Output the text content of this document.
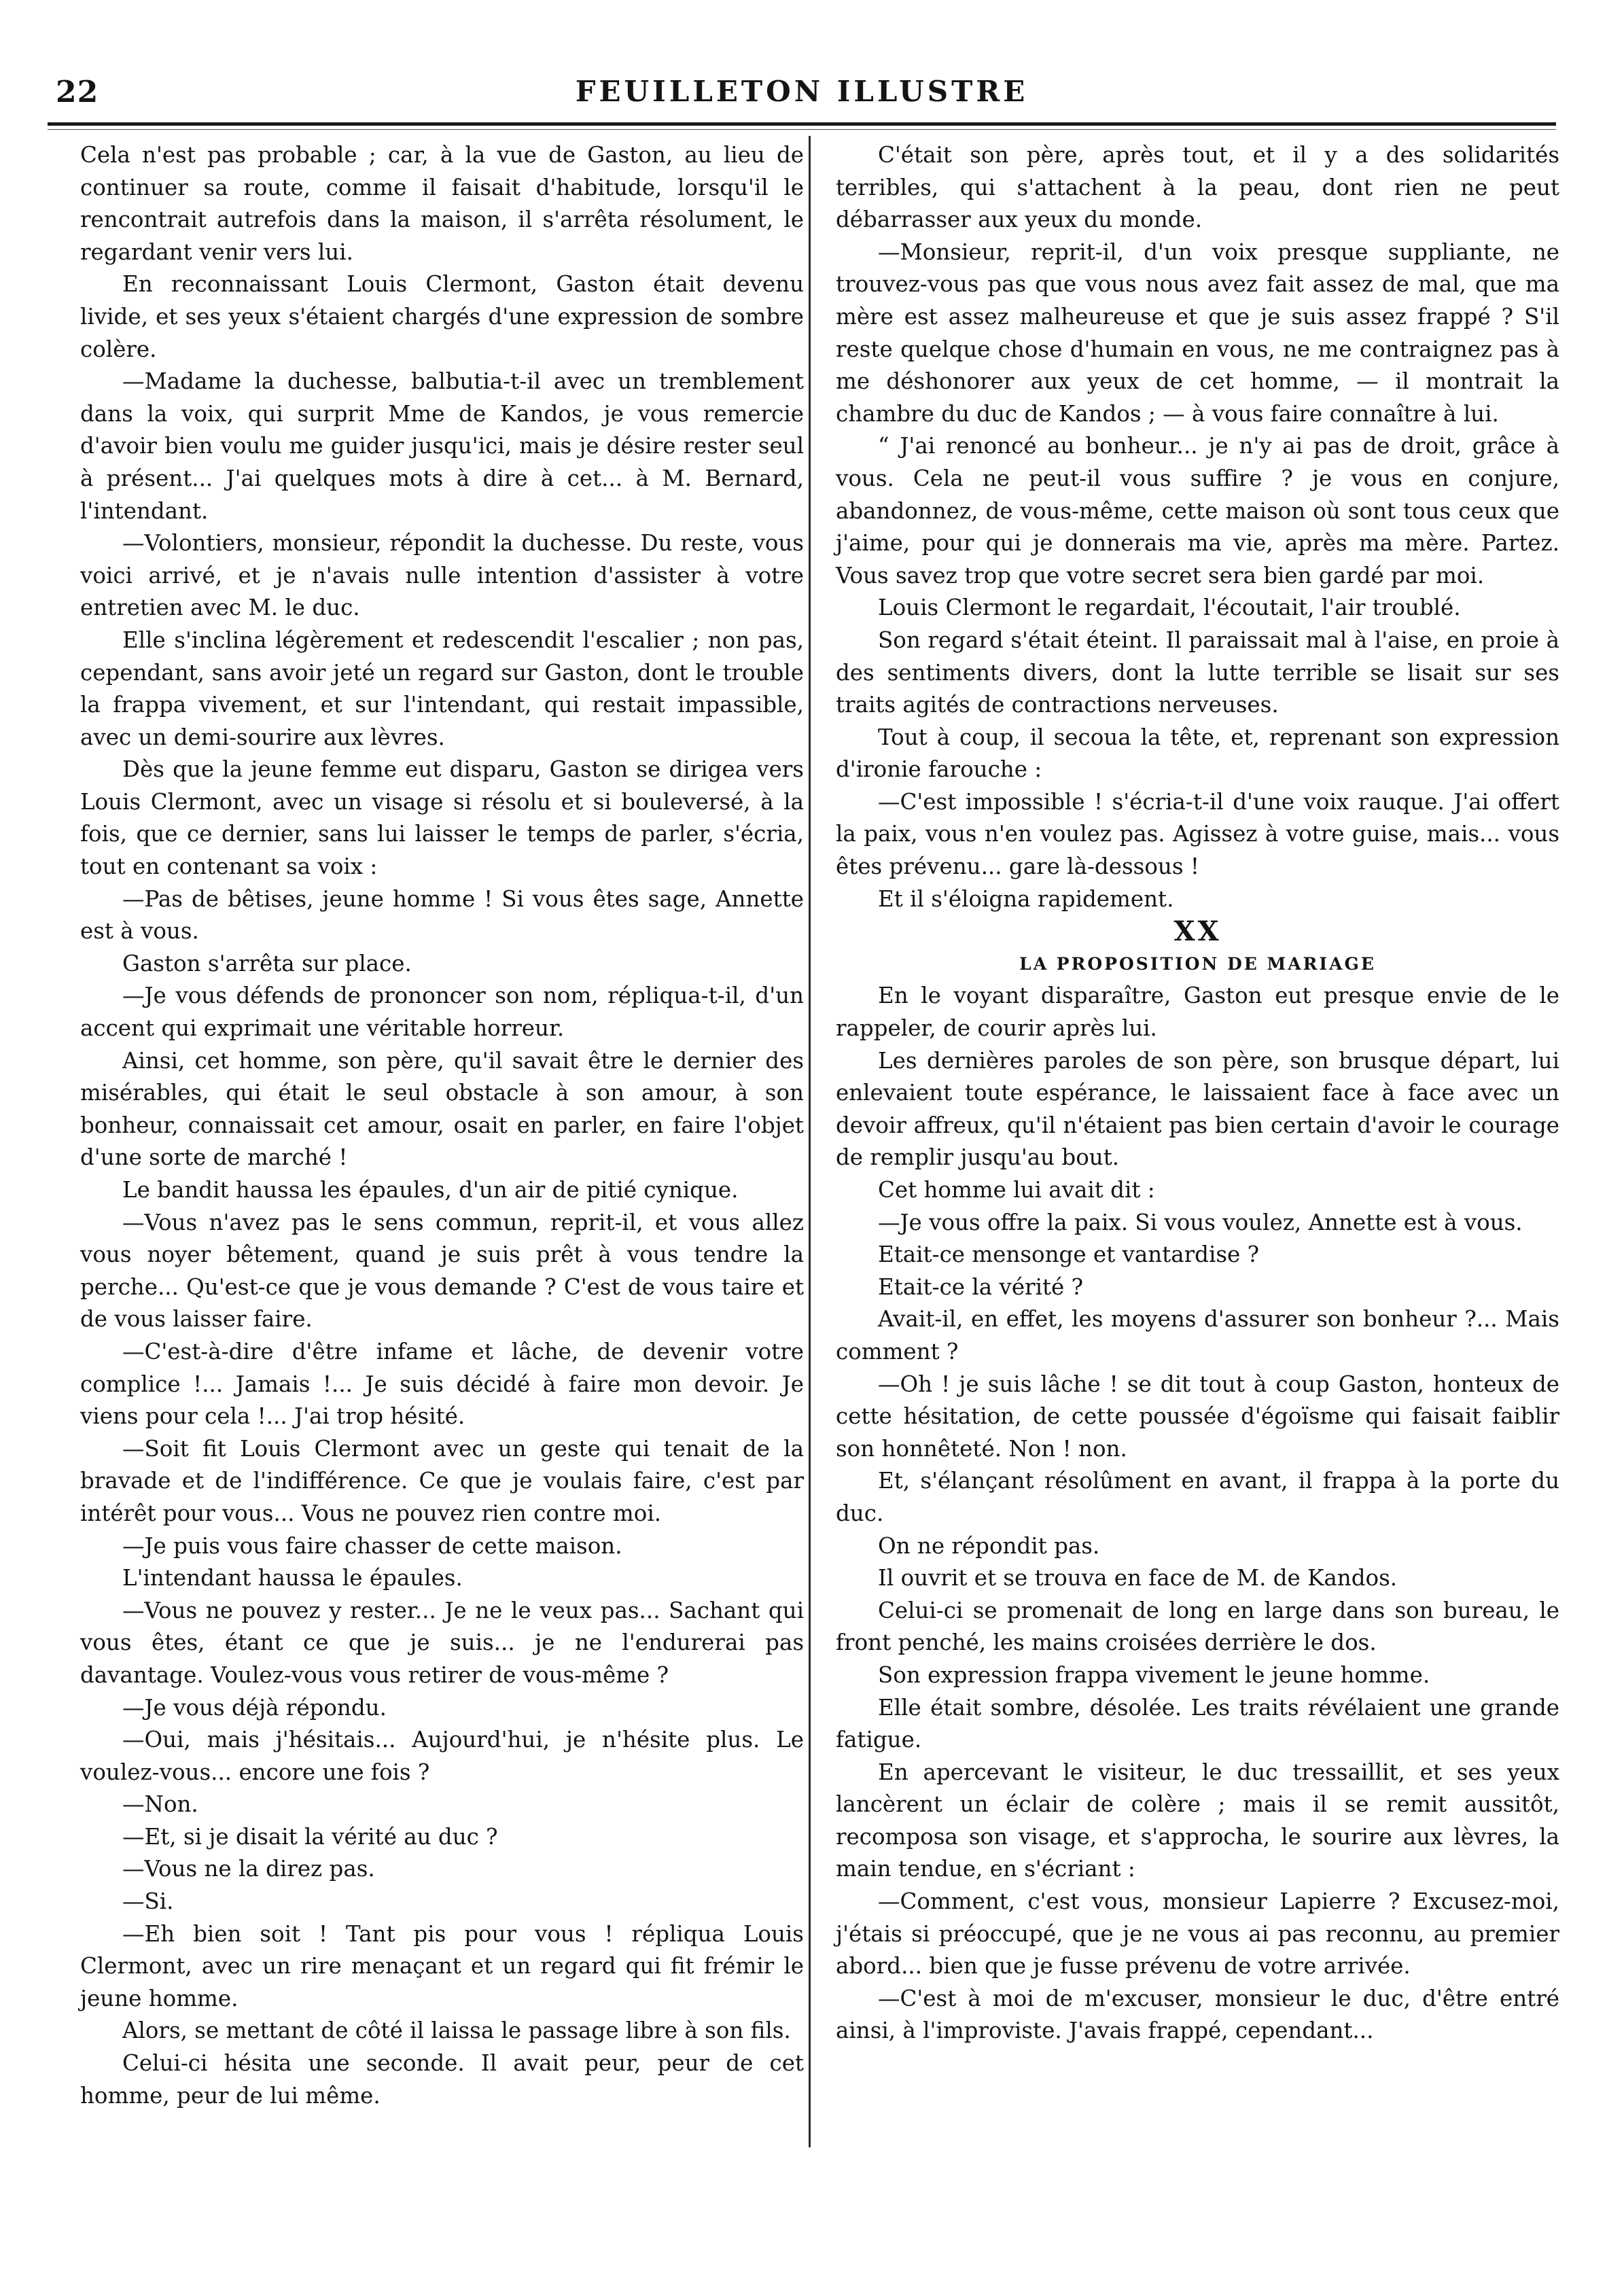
22	FEUILLETON ILLUSTRE

Cela n'est pas probable ; car, à la vue de Gaston, au lieu de continuer sa route, comme il faisait d'habitude, lorsqu'il le rencontrait autrefois dans la maison, il s'arrêta résolument, le regardant venir vers lui.

En reconnaissant Louis Clermont, Gaston était devenu livide, et ses yeux s'étaient chargés d'une expression de sombre colère.

—Madame la duchesse, balbutia-t-il avec un tremblement dans la voix, qui surprit Mme de Kandos, je vous remercie d'avoir bien voulu me guider jusqu'ici, mais je désire rester seul à présent... J'ai quelques mots à dire à cet... à M. Bernard, l'intendant.

—Volontiers, monsieur, répondit la duchesse. Du reste, vous voici arrivé, et je n'avais nulle intention d'assister à votre entretien avec M. le duc.

Elle s'inclina légèrement et redescendit l'escalier ; non pas, cependant, sans avoir jeté un regard sur Gaston, dont le trouble la frappa vivement, et sur l'intendant, qui restait impassible, avec un demi-sourire aux lèvres.

Dès que la jeune femme eut disparu, Gaston se dirigea vers Louis Clermont, avec un visage si résolu et si bouleversé, à la fois, que ce dernier, sans lui laisser le temps de parler, s'écria, tout en contenant sa voix :

—Pas de bêtises, jeune homme ! Si vous êtes sage, Annette est à vous.

Gaston s'arrêta sur place.

—Je vous défends de prononcer son nom, répliqua-t-il, d'un accent qui exprimait une véritable horreur.

Ainsi, cet homme, son père, qu'il savait être le dernier des misérables, qui était le seul obstacle à son amour, à son bonheur, connaissait cet amour, osait en parler, en faire l'objet d'une sorte de marché !

Le bandit haussa les épaules, d'un air de pitié cynique.

—Vous n'avez pas le sens commun, reprit-il, et vous allez vous noyer bêtement, quand je suis prêt à vous tendre la perche... Qu'est-ce que je vous demande ? C'est de vous taire et de vous laisser faire.

—C'est-à-dire d'être infame et lâche, de devenir votre complice !... Jamais !... Je suis décidé à faire mon devoir. Je viens pour cela !... J'ai trop hésité.

—Soit fit Louis Clermont avec un geste qui tenait de la bravade et de l'indifférence. Ce que je voulais faire, c'est par intérêt pour vous... Vous ne pouvez rien contre moi.

—Je puis vous faire chasser de cette maison.

L'intendant haussa le épaules.

—Vous ne pouvez y rester... Je ne le veux pas... Sachant qui vous êtes, étant ce que je suis... je ne l'endurerai pas davantage. Voulez-vous vous retirer de vous-même ?

—Je vous déjà répondu.

—Oui, mais j'hésitais... Aujourd'hui, je n'hésite plus. Le voulez-vous... encore une fois ?

—Non.

—Et, si je disait la vérité au duc ?

—Vous ne la direz pas.

—Si.

—Eh bien soit ! Tant pis pour vous ! répliqua Louis Clermont, avec un rire menaçant et un regard qui fit frémir le jeune homme.

Alors, se mettant de côté il laissa le passage libre à son fils.

Celui-ci hésita une seconde. Il avait peur, peur de cet homme, peur de lui même.

C'était son père, après tout, et il y a des solidarités terribles, qui s'attachent à la peau, dont rien ne peut débarrasser aux yeux du monde.

—Monsieur, reprit-il, d'un voix presque suppliante, ne trouvez-vous pas que vous nous avez fait assez de mal, que ma mère est assez malheureuse et que je suis assez frappé ? S'il reste quelque chose d'humain en vous, ne me contraignez pas à me déshonorer aux yeux de cet homme, — il montrait la chambre du duc de Kandos ; — à vous faire connaître à lui.

“ J'ai renoncé au bonheur... je n'y ai pas de droit, grâce à vous. Cela ne peut-il vous suffire ? je vous en conjure, abandonnez, de vous-même, cette maison où sont tous ceux que j'aime, pour qui je donnerais ma vie, après ma mère. Partez. Vous savez trop que votre secret sera bien gardé par moi.

Louis Clermont le regardait, l'écoutait, l'air troublé.

Son regard s'était éteint. Il paraissait mal à l'aise, en proie à des sentiments divers, dont la lutte terrible se lisait sur ses traits agités de contractions nerveuses.

Tout à coup, il secoua la tête, et, reprenant son expression d'ironie farouche :

—C'est impossible ! s'écria-t-il d'une voix rauque. J'ai offert la paix, vous n'en voulez pas. Agissez à votre guise, mais... vous êtes prévenu... gare là-dessous !

Et il s'éloigna rapidement.

XX

LA PROPOSITION DE MARIAGE

En le voyant disparaître, Gaston eut presque envie de le rappeler, de courir après lui.

Les dernières paroles de son père, son brusque départ, lui enlevaient toute espérance, le laissaient face à face avec un devoir affreux, qu'il n'étaient pas bien certain d'avoir le courage de remplir jusqu'au bout.

Cet homme lui avait dit :

—Je vous offre la paix. Si vous voulez, Annette est à vous.

Etait-ce mensonge et vantardise ?

Etait-ce la vérité ?

Avait-il, en effet, les moyens d'assurer son bonheur ?... Mais comment ?

—Oh ! je suis lâche ! se dit tout à coup Gaston, honteux de cette hésitation, de cette poussée d'égoïsme qui faisait faiblir son honnêteté. Non ! non.

Et, s'élançant résolûment en avant, il frappa à la porte du duc.

On ne répondit pas.

Il ouvrit et se trouva en face de M. de Kandos.

Celui-ci se promenait de long en large dans son bureau, le front penché, les mains croisées derrière le dos.

Son expression frappa vivement le jeune homme.

Elle était sombre, désolée. Les traits révélaient une grande fatigue.

En apercevant le visiteur, le duc tressaillit, et ses yeux lancèrent un éclair de colère ; mais il se remit aussitôt, recomposa son visage, et s'approcha, le sourire aux lèvres, la main tendue, en s'écriant :

—Comment, c'est vous, monsieur Lapierre ? Excusez-moi, j'étais si préoccupé, que je ne vous ai pas reconnu, au premier abord... bien que je fusse prévenu de votre arrivée.

—C'est à moi de m'excuser, monsieur le duc, d'être entré ainsi, à l'improviste. J'avais frappé, cependant...
